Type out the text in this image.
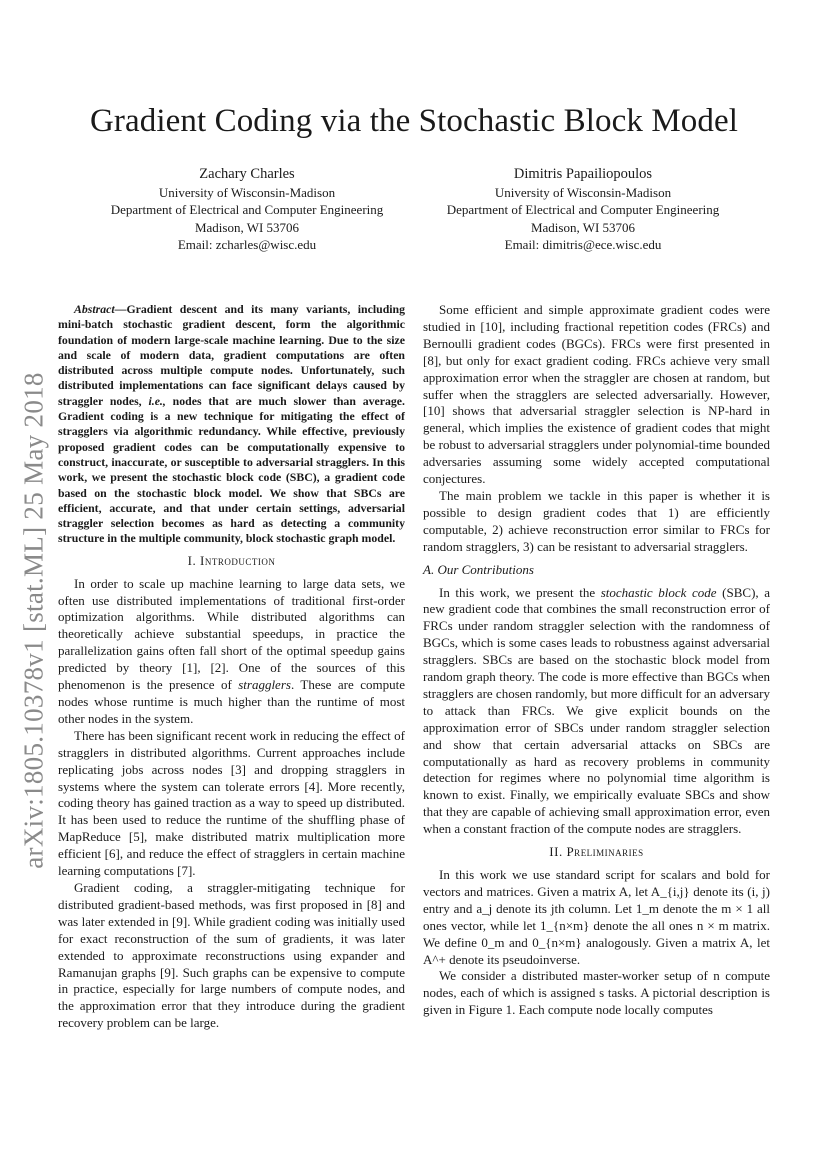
arXiv:1805.10378v1 [stat.ML] 25 May 2018
Gradient Coding via the Stochastic Block Model
Zachary Charles
University of Wisconsin-Madison
Department of Electrical and Computer Engineering
Madison, WI 53706
Email: zcharles@wisc.edu
Dimitris Papailiopoulos
University of Wisconsin-Madison
Department of Electrical and Computer Engineering
Madison, WI 53706
Email: dimitris@ece.wisc.edu

Abstract—Gradient descent and its many variants, including mini-batch stochastic gradient descent, form the algorithmic foundation of modern large-scale machine learning. Due to the size and scale of modern data, gradient computations are often distributed across multiple compute nodes. Unfortunately, such distributed implementations can face significant delays caused by straggler nodes, i.e., nodes that are much slower than average. Gradient coding is a new technique for mitigating the effect of stragglers via algorithmic redundancy. While effective, previously proposed gradient codes can be computationally expensive to construct, inaccurate, or susceptible to adversarial stragglers. In this work, we present the stochastic block code (SBC), a gradient code based on the stochastic block model. We show that SBCs are efficient, accurate, and that under certain settings, adversarial straggler selection becomes as hard as detecting a community structure in the multiple community, block stochastic graph model.

I. Introduction

In order to scale up machine learning to large data sets, we often use distributed implementations of traditional first-order optimization algorithms. While distributed algorithms can theoretically achieve substantial speedups, in practice the parallelization gains often fall short of the optimal speedup gains predicted by theory [1], [2]. One of the sources of this phenomenon is the presence of stragglers. These are compute nodes whose runtime is much higher than the runtime of most other nodes in the system.

There has been significant recent work in reducing the effect of stragglers in distributed algorithms. Current approaches include replicating jobs across nodes [3] and dropping stragglers in systems where the system can tolerate errors [4]. More recently, coding theory has gained traction as a way to speed up distributed. It has been used to reduce the runtime of the shuffling phase of MapReduce [5], make distributed matrix multiplication more efficient [6], and reduce the effect of stragglers in certain machine learning computations [7].

Gradient coding, a straggler-mitigating technique for distributed gradient-based methods, was first proposed in [8] and was later extended in [9]. While gradient coding was initially used for exact reconstruction of the sum of gradients, it was later extended to approximate reconstructions using expander and Ramanujan graphs [9]. Such graphs can be expensive to compute in practice, especially for large numbers of compute nodes, and the approximation error that they introduce during the gradient recovery problem can be large.

Some efficient and simple approximate gradient codes were studied in [10], including fractional repetition codes (FRCs) and Bernoulli gradient codes (BGCs). FRCs were first presented in [8], but only for exact gradient coding. FRCs achieve very small approximation error when the straggler are chosen at random, but suffer when the stragglers are selected adversarially. However, [10] shows that adversarial straggler selection is NP-hard in general, which implies the existence of gradient codes that might be robust to adversarial stragglers under polynomial-time bounded adversaries assuming some widely accepted computational conjectures.

The main problem we tackle in this paper is whether it is possible to design gradient codes that 1) are efficiently computable, 2) achieve reconstruction error similar to FRCs for random stragglers, 3) can be resistant to adversarial stragglers.

A. Our Contributions

In this work, we present the stochastic block code (SBC), a new gradient code that combines the small reconstruction error of FRCs under random straggler selection with the randomness of BGCs, which is some cases leads to robustness against adversarial stragglers. SBCs are based on the stochastic block model from random graph theory. The code is more effective than BGCs when stragglers are chosen randomly, but more difficult for an adversary to attack than FRCs. We give explicit bounds on the approximation error of SBCs under random straggler selection and show that certain adversarial attacks on SBCs are computationally as hard as recovery problems in community detection for regimes where no polynomial time algorithm is known to exist. Finally, we empirically evaluate SBCs and show that they are capable of achieving small approximation error, even when a constant fraction of the compute nodes are stragglers.

II. Preliminaries

In this work we use standard script for scalars and bold for vectors and matrices. Given a matrix A, let A_{i,j} denote its (i, j) entry and a_j denote its jth column. Let 1_m denote the m × 1 all ones vector, while let 1_{n×m} denote the all ones n × m matrix. We define 0_m and 0_{n×m} analogously. Given a matrix A, let A^+ denote its pseudoinverse.

We consider a distributed master-worker setup of n compute nodes, each of which is assigned s tasks. A pictorial description is given in Figure 1. Each compute node locally computes
